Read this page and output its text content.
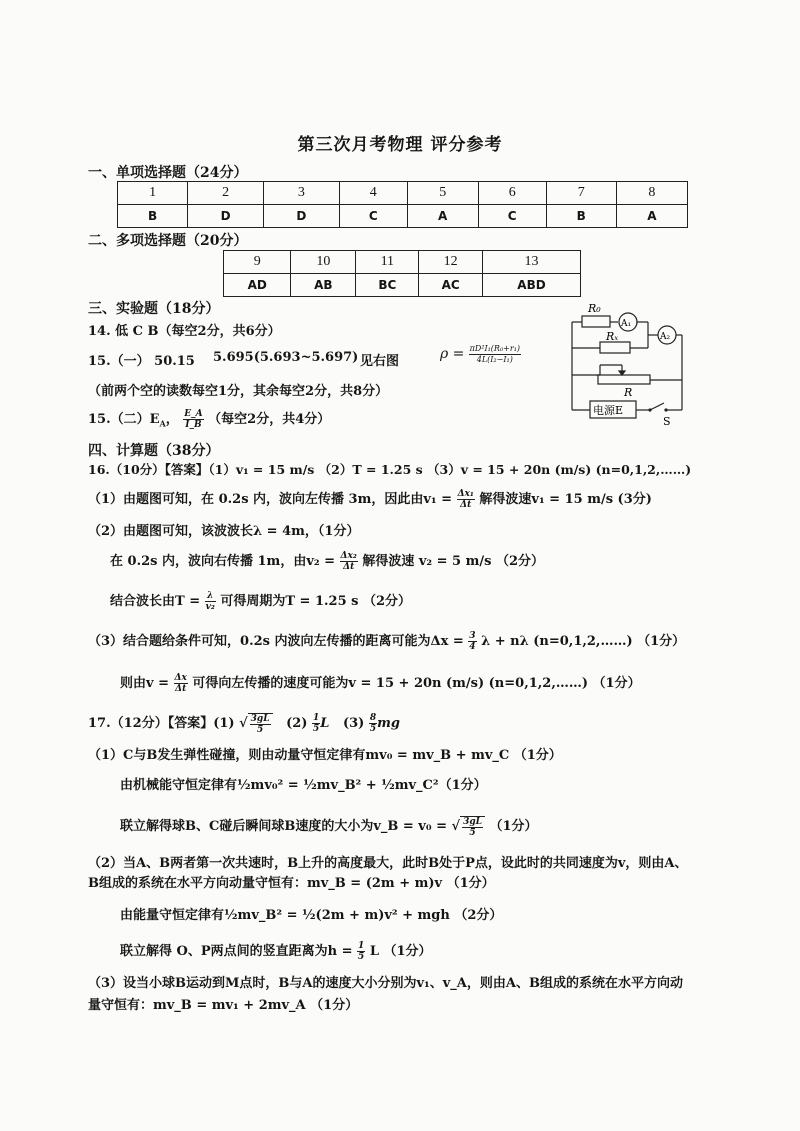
第三次月考物理 评分参考
一、单项选择题（24分）
1	2	3	4	5	6	7	8
B	D	D	C	A	C	B	A
二、多项选择题（20分）
9	10	11	12	13
AD	AB	BC	AC	ABD
三、实验题（18分）
14. 低 C B（每空2分，共6分）
15.（一） 50.15 5.695(5.693~5.697) 见右图	$\rho = \frac{\text{πD²I₁(R₀+r₁)}}{\text{4L(I₂−I₁)}}$
（前两个空的读数每空1分，其余每空2分，共8分）
15.（二）$E_A$， $\frac{E\_A}{I\_B}$ （每空2分，共4分）
R₀
A₁
Rₓ	A₂
R
电源E
S
四、计算题（38分）
16.（10分）【答案】（1）v₁ = 15 m/s （2）T = 1.25 s （3）v = 15 + 20n (m/s) (n=0,1,2,……)
（1）由题图可知，在 0.2s 内，波向左传播 3m，因此由$v_1 = \frac{\text{Δx₁}}{\Delta t}$ 解得波速v₁ = 15 m/s (3分)
（2）由题图可知，该波波长λ = 4m，（1分）
在 0.2s 内，波向右传播 1m，由$v_2 = \frac{\text{Δx₂}}{\Delta t}$ 解得波速 v₂ = 5 m/s （2分）
结合波长由$T = \frac{\lambda}{\text{v₂}}$ 可得周期为T = 1.25 s （2分）
（3）结合题给条件可知，0.2s 内波向左传播的距离可能为$\Delta x = \frac{3}{4}$ λ + nλ (n=0,1,2,……) （1分）
则由$v = \frac{\Delta x}{\Delta t}$ 可得向左传播的速度可能为v = 15 + 20n (m/s) (n=0,1,2,……) （1分）
17.（12分）【答案】(1) √ $\frac{3gL}{5} (2) \frac{1}{5}$ L $(3) \frac{8}{5}$ mg
（1）C与B发生弹性碰撞，则由动量守恒定律有mv₀ = mv_B + mv_C （1分）
由机械能守恒定律有½mv₀² = ½mv_B² + ½mv_C²（1分）
联立解得球B、C碰后瞬间球B速度的大小为v_B = v₀ = √ $\frac{3gL}{5} (1$分）
（2）当A、B两者第一次共速时，B上升的高度最大，此时B处于P点，设此时的共同速度为v，则由A、
B组成的系统在水平方向动量守恒有：mv_B = (2m + m)v （1分）
由能量守恒定律有½mv_B² = ½(2m + m)v² + mgh （2分）
联立解得 O、P两点间的竖直距离为$h = \frac{1}{5}$ L （1分）
（3）设当小球B运动到M点时，B与A的速度大小分别为v₁、v_A，则由A、B组成的系统在水平方向动
量守恒有：mv_B = mv₁ + 2mv_A （1分）
